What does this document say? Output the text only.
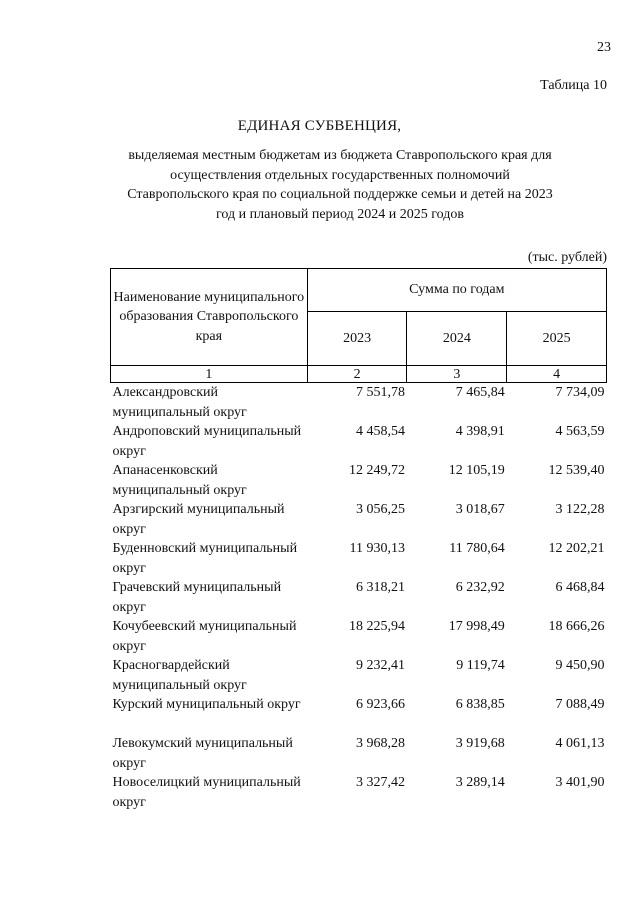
23
Таблица 10
ЕДИНАЯ СУБВЕНЦИЯ,
выделяемая местным бюджетам из бюджета Ставропольского края для осуществления отдельных государственных полномочий Ставропольского края по социальной поддержке семьи и детей на 2023 год и плановый период 2024 и 2025 годов
(тыс. рублей)
Наименование муниципального образования Ставропольского края	Сумма по годам		
	2023	2024	2025
1	2	3	4
Александровский муниципальный округ	7 551,78	7 465,84	7 734,09
Андроповский муниципальный округ	4 458,54	4 398,91	4 563,59
Апанасенковский муниципальный округ	12 249,72	12 105,19	12 539,40
Арзгирский муниципальный округ	3 056,25	3 018,67	3 122,28
Буденновский муниципальный округ	11 930,13	11 780,64	12 202,21
Грачевский муниципальный округ	6 318,21	6 232,92	6 468,84
Кочубеевский муниципальный округ	18 225,94	17 998,49	18 666,26
Красногвардейский муниципальный округ	9 232,41	9 119,74	9 450,90
Курский муниципальный округ	6 923,66	6 838,85	7 088,49
Левокумский муниципальный округ	3 968,28	3 919,68	4 061,13
Новоселицкий муниципальный округ	3 327,42	3 289,14	3 401,90
